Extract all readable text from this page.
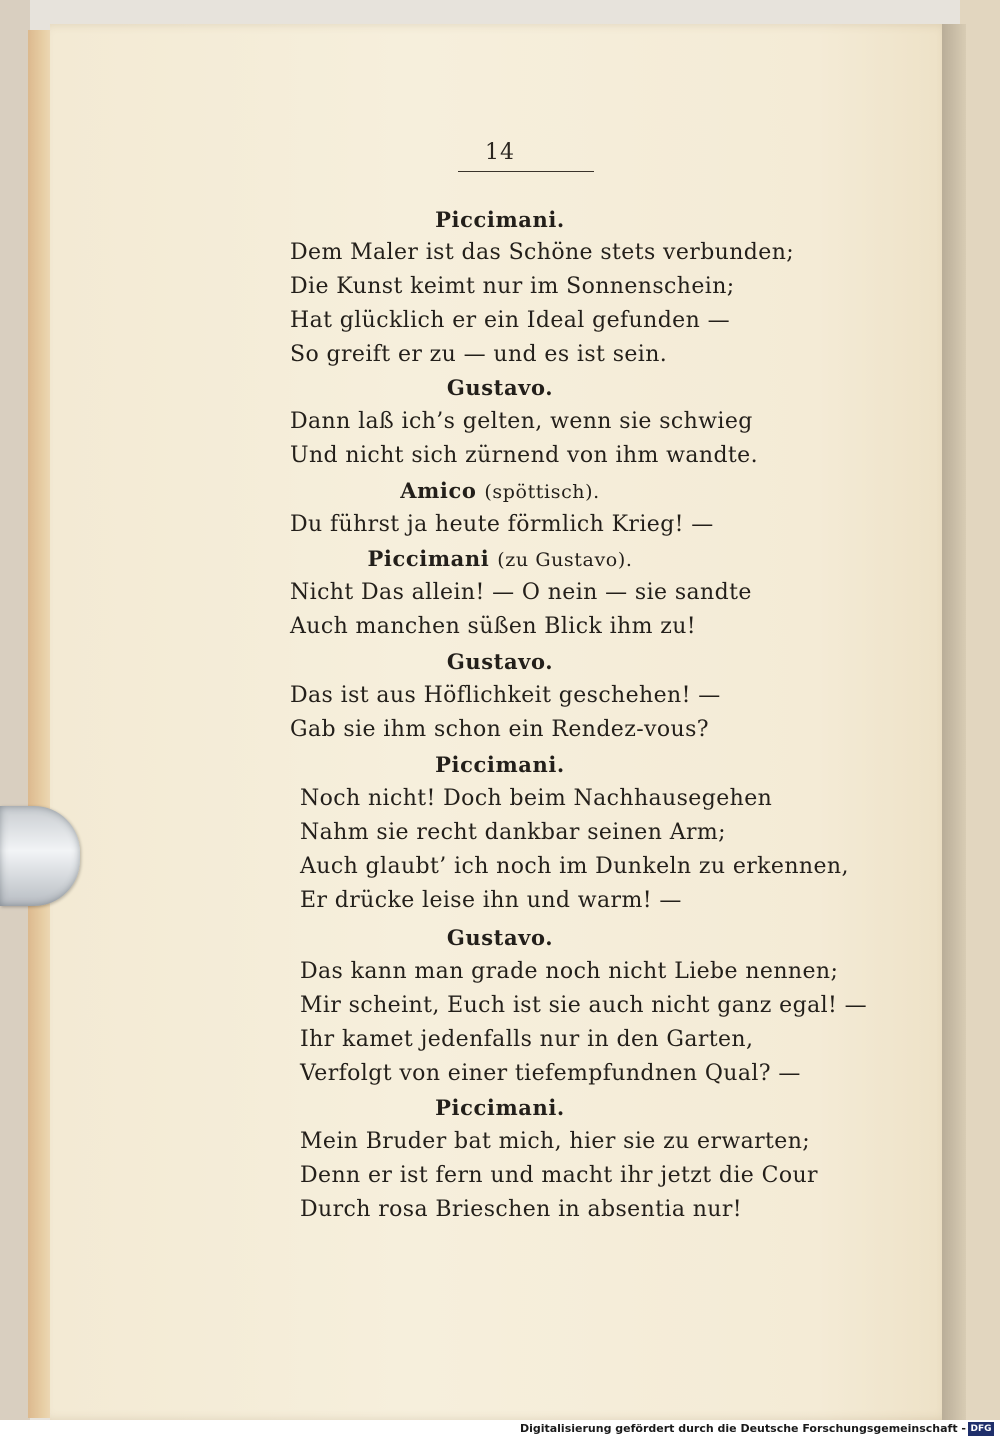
14
Piccimani.
Dem Maler ist das Schöne stets verbunden;
Die Kunst keimt nur im Sonnenschein;
Hat glücklich er ein Ideal gefunden —
So greift er zu — und es ist sein.
Gustavo.
Dann laß ich’s gelten, wenn sie schwieg
Und nicht sich zürnend von ihm wandte.
Amico (spöttisch).
Du führst ja heute förmlich Krieg! —
Piccimani (zu Gustavo).
Nicht Das allein! — O nein — sie sandte
Auch manchen süßen Blick ihm zu!
Gustavo.
Das ist aus Höflichkeit geschehen! —
Gab sie ihm schon ein Rendez-vous?
Piccimani.
Noch nicht! Doch beim Nachhausegehen
Nahm sie recht dankbar seinen Arm;
Auch glaubt’ ich noch im Dunkeln zu erkennen,
Er drücke leise ihn und warm! —
Gustavo.
Das kann man grade noch nicht Liebe nennen;
Mir scheint, Euch ist sie auch nicht ganz egal! —
Ihr kamet jedenfalls nur in den Garten,
Verfolgt von einer tiefempfundnen Qual? —
Piccimani.
Mein Bruder bat mich, hier sie zu erwarten;
Denn er ist fern und macht ihr jetzt die Cour
Durch rosa Brieschen in absentia nur!
Digitalisierung gefördert durch die Deutsche Forschungsgemeinschaft - DFG
